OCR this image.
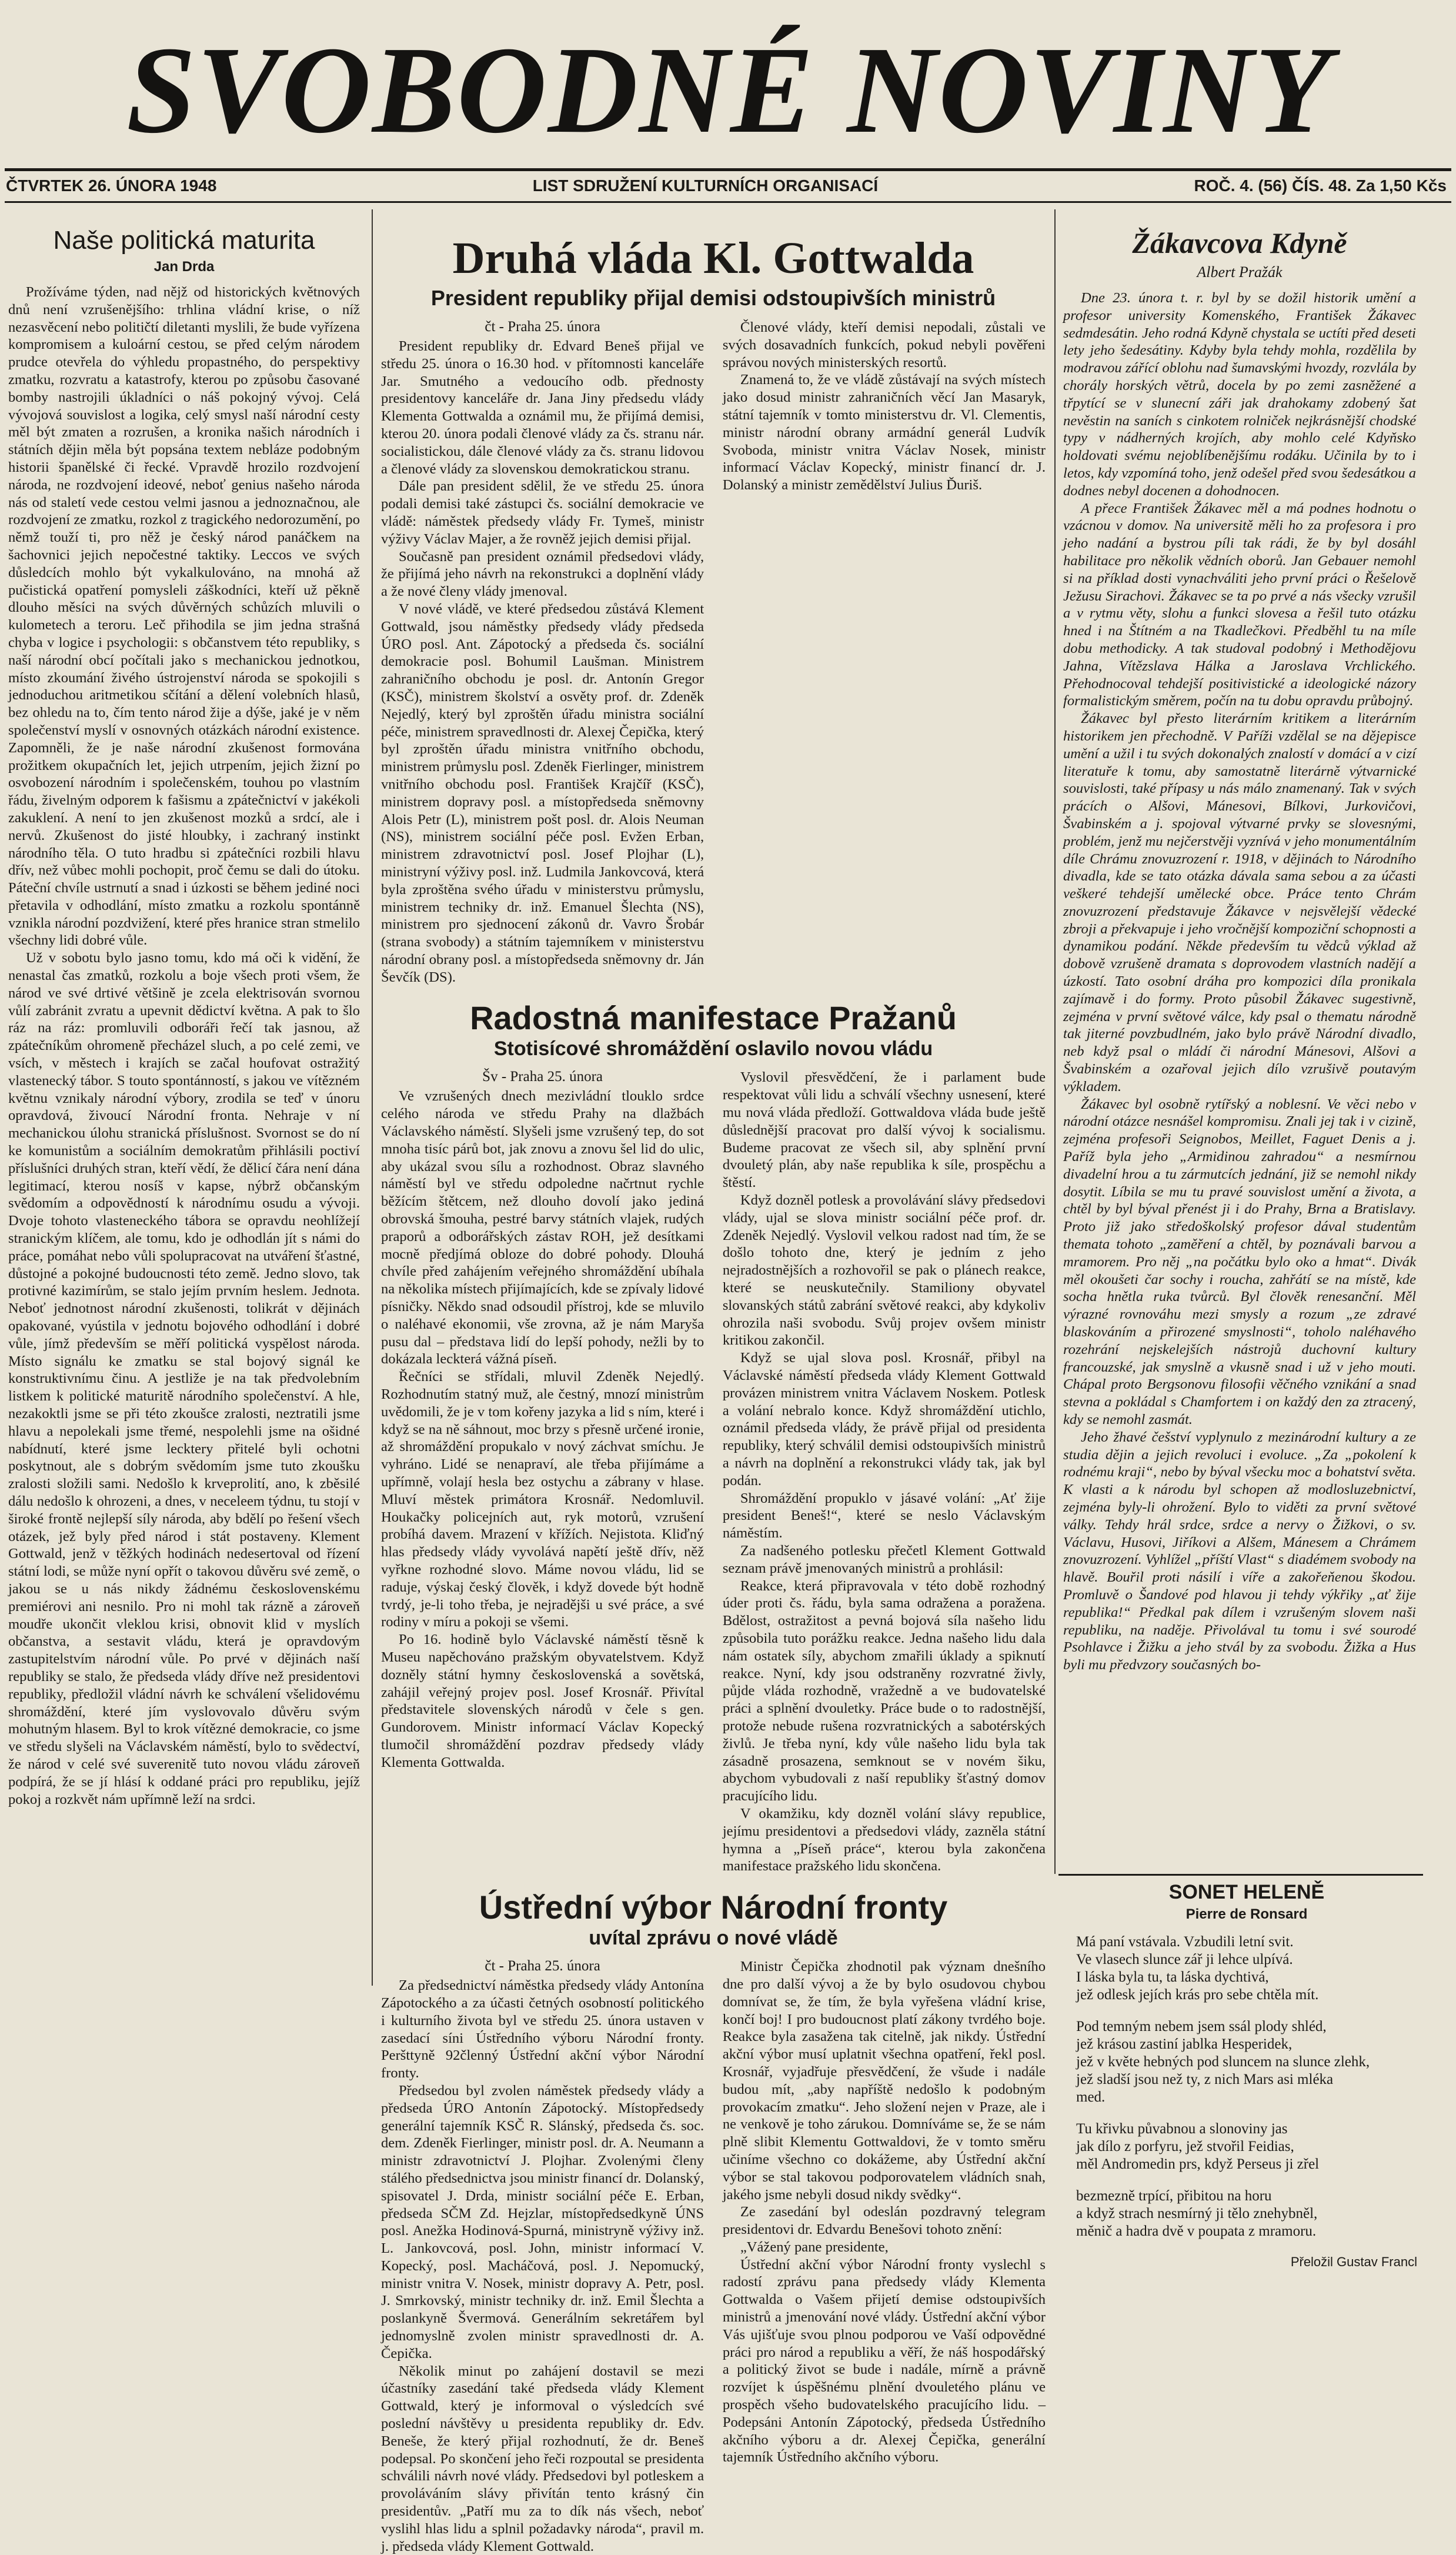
SVOBODNÉ NOVINY
ČTVRTEK 26. ÚNORA 1948	LIST SDRUŽENÍ KULTURNÍCH ORGANISACÍ	ROČ. 4. (56) ČÍS. 48. Za 1,50 Kčs
Naše politická maturita
Jan Drda

Prožíváme týden, nad nějž od historických květnových dnů není vzrušenějšího: trhlina vládní krise, o níž nezasvěcení nebo političtí diletanti myslili, že bude vyřízena kompromisem a kuloární cestou, se před celým národem prudce otevřela do výhledu propastného, do perspektivy zmatku, rozvratu a katastrofy, kterou po způsobu časované bomby nastrojili úkladníci o náš pokojný vývoj. Celá vývojová souvislost a logika, celý smysl naší národní cesty měl být zmaten a rozrušen, a kronika našich národních i státních dějin měla být popsána textem nebláze podobným historii španělské či řecké. Vpravdě hrozilo rozdvojení národa, ne rozdvojení ideové, neboť genius našeho národa nás od staletí vede cestou velmi jasnou a jednoznačnou, ale rozdvojení ze zmatku, rozkol z tragického nedorozumění, po němž touží ti, pro něž je český národ panáčkem na šachovnici jejich nepočestné taktiky. Leccos ve svých důsledcích mohlo být vykalkulováno, na mnohá až pučistická opatření pomysleli záškodníci, kteří už pěkně dlouho měsíci na svých důvěrných schůzích mluvili o kulometech a teroru. Leč přihodila se jim jedna strašná chyba v logice i psychologii: s občanstvem této republiky, s naší národní obcí počítali jako s mechanickou jednotkou, místo zkoumání živého ústrojenství národa se spokojili s jednoduchou aritmetikou sčítání a dělení volebních hlasů, bez ohledu na to, čím tento národ žije a dýše, jaké je v něm společenství myslí v osnovných otázkách národní existence. Zapomněli, že je naše národní zkušenost formována prožitkem okupačních let, jejich utrpením, jejich žizní po osvobození národním i společenském, touhou po vlastním řádu, živelným odporem k fašismu a zpátečnictví v jakékoli zakuklení. A není to jen zkušenost mozků a srdcí, ale i nervů. Zkušenost do jisté hloubky, i zachraný instinkt národního těla. O tuto hradbu si zpátečníci rozbili hlavu dřív, než vůbec mohli pochopit, proč čemu se dali do útoku. Páteční chvíle ustrnutí a snad i úzkosti se během jediné noci přetavila v odhodlání, místo zmatku a rozkolu spontánně vznikla národní pozdvižení, které přes hranice stran stmelilo všechny lidi dobré vůle.

Už v sobotu bylo jasno tomu, kdo má oči k vidění, že nenastal čas zmatků, rozkolu a boje všech proti všem, že národ ve své drtivé většině je zcela elektrisován svornou vůlí zabránit zvratu a upevnit dědictví května. A pak to šlo ráz na ráz: promluvili odboráři řečí tak jasnou, až zpátečníkům ohromeně přecházel sluch, a po celé zemi, ve vsích, v městech i krajích se začal houfovat ostražitý vlastenecký tábor. S touto spontánností, s jakou ve vítězném květnu vznikaly národní výbory, zrodila se teď v únoru opravdová, živoucí Národní fronta. Nehraje v ní mechanickou úlohu stranická příslušnost. Svornost se do ní ke komunistům a sociálním demokratům přihlásili poctiví příslušníci druhých stran, kteří vědí, že dělicí čára není dána legitimací, kterou nosíš v kapse, nýbrž občanským svědomím a odpovědností k národnímu osudu a vývoji. Dvoje tohoto vlasteneckého tábora se opravdu neohlížejí stranickým klíčem, ale tomu, kdo je odhodlán jít s námi do práce, pomáhat nebo vůli spolupracovat na utváření šťastné, důstojné a pokojné budoucnosti této země. Jedno slovo, tak protivné kazimírům, se stalo jejím prvním heslem. Jednota. Neboť jednotnost národní zkušenosti, tolikrát v dějinách opakované, vyústila v jednotu bojového odhodlání i dobré vůle, jímž především se měří politická vyspělost národa. Místo signálu ke zmatku se stal bojový signál ke konstruktivnímu činu. A jestliže je na tak předvolebním listkem k politické maturitě národního společenství. A hle, nezakoktli jsme se při této zkoušce zralosti, neztratili jsme hlavu a nepolekali jsme třemé, nespolehli jsme na ošidné nabídnutí, které jsme lecktery přitelé byli ochotni poskytnout, ale s dobrým svědomím jsme tuto zkoušku zralosti složili sami. Nedošlo k krveprolití, ano, k zběsilé dálu nedošlo k ohrozeni, a dnes, v neceleem týdnu, tu stojí v široké frontě nejlepší síly národa, aby bdělí po řešení všech otázek, jež byly před národ i stát postaveny. Klement Gottwald, jenž v těžkých hodinách nedesertoval od řízení státní lodi, se může nyní opřít o takovou důvěru své země, o jakou se u nás nikdy žádnému československému premiérovi ani nesnilo. Pro ni mohl tak rázně a zároveň moudře ukončit vleklou krisi, obnovit klid v myslích občanstva, a sestavit vládu, která je opravdovým zastupitelstvím národní vůle. Po prvé v dějinách naší republiky se stalo, že předseda vlády dříve než presidentovi republiky, předložil vládní návrh ke schválení všelidovému shromáždění, které jím vyslovovalo důvěru svým mohutným hlasem. Byl to krok vítězné demokracie, co jsme ve středu slyšeli na Václavském náměstí, bylo to svědectví, že národ v celé své suverenitě tuto novou vládu zároveň podpírá, že se jí hlásí k oddané práci pro republiku, jejíž pokoj a rozkvět nám upřímně leží na srdci.

Druhá vláda Kl. Gottwalda
President republiky přijal demisi odstoupivších ministrů
čt - Praha 25. února

President republiky dr. Edvard Beneš přijal ve středu 25. února o 16.30 hod. v přítomnosti kanceláře Jar. Smutného a vedoucího odb. přednosty presidentovy kanceláře dr. Jana Jiny předsedu vlády Klementa Gottwalda a oznámil mu, že přijímá demisi, kterou 20. února podali členové vlády za čs. stranu nár. socialistickou, dále členové vlády za čs. stranu lidovou a členové vlády za slovenskou demokratickou stranu.

Dále pan president sdělil, že ve středu 25. února podali demisi také zástupci čs. sociální demokracie ve vládě: náměstek předsedy vlády Fr. Tymeš, ministr výživy Václav Majer, a že rovněž jejich demisi přijal.

Současně pan president oznámil předsedovi vlády, že přijímá jeho návrh na rekonstrukci a doplnění vlády a že nové členy vlády jmenoval.

V nové vládě, ve které předsedou zůstává Klement Gottwald, jsou náměstky předsedy vlády předseda ÚRO posl. Ant. Zápotocký a předseda čs. sociální demokracie posl. Bohumil Laušman. Ministrem zahraničního obchodu je posl. dr. Antonín Gregor (KSČ), ministrem školství a osvěty prof. dr. Zdeněk Nejedlý, který byl zproštěn úřadu ministra sociální péče, ministrem spravedlnosti dr. Alexej Čepička, který byl zproštěn úřadu ministra vnitřního obchodu, ministrem průmyslu posl. Zdeněk Fierlinger, ministrem vnitřního obchodu posl. František Krajčíř (KSČ), ministrem dopravy posl. a místopředseda sněmovny Alois Petr (L), ministrem pošt posl. dr. Alois Neuman (NS), ministrem sociální péče posl. Evžen Erban, ministrem zdravotnictví posl. Josef Plojhar (L), ministryní výživy posl. inž. Ludmila Jankovcová, která byla zproštěna svého úřadu v ministerstvu průmyslu, ministrem techniky dr. inž. Emanuel Šlechta (NS), ministrem pro sjednocení zákonů dr. Vavro Šrobár (strana svobody) a státním tajemníkem v ministerstvu národní obrany posl. a místopředseda sněmovny dr. Ján Ševčík (DS).

Členové vlády, kteří demisi nepodali, zůstali ve svých dosavadních funkcích, pokud nebyli pověřeni správou nových ministerských resortů.

Znamená to, že ve vládě zůstávají na svých místech jako dosud ministr zahraničních věcí Jan Masaryk, státní tajemník v tomto ministerstvu dr. Vl. Clementis, ministr národní obrany armádní generál Ludvík Svoboda, ministr vnitra Václav Nosek, ministr informací Václav Kopecký, ministr financí dr. J. Dolanský a ministr zemědělství Julius Ďuriš.

Radostná manifestace Pražanů
Stotisícové shromáždění oslavilo novou vládu
Šv - Praha 25. února

Ve vzrušených dnech mezivládní tlouklo srdce celého národa ve středu Prahy na dlažbách Václavského náměstí. Slyšeli jsme vzrušený tep, do sot mnoha tisíc párů bot, jak znovu a znovu šel lid do ulic, aby ukázal svou sílu a rozhodnost. Obraz slavného náměstí byl ve středu odpoledne načrtnut rychle běžícím štětcem, než dlouho dovolí jako jediná obrovská šmouha, pestré barvy státních vlajek, rudých praporů a odborářských zástav ROH, jež desítkami mocně předjímá obloze do dobré pohody. Dlouhá chvíle před zahájením veřejného shromáždění ubíhala na několika místech přijímajících, kde se zpívaly lidové písničky. Někdo snad odsoudil přístroj, kde se mluvilo o naléhavé ekonomii, vše zrovna, až je nám Maryša pusu dal – představa lidí do lepší pohody, nežli by to dokázala leckterá vážná píseň.

Řečníci se střídali, mluvil Zdeněk Nejedlý. Rozhodnutím statný muž, ale čestný, mnozí ministrům uvědomili, že je v tom kořeny jazyka a lid s ním, které i když se na ně sáhnout, moc brzy s přesně určené ironie, až shromáždění propukalo v nový záchvat smíchu. Je vyhráno. Lidé se nenapraví, ale třeba přijímáme a upřímně, volají hesla bez ostychu a zábrany v hlase. Mluví městek primátora Krosnář. Nedomluvil. Houkačky policejních aut, ryk motorů, vzrušení probíhá davem. Mrazení v křížích. Nejistota. Kliďný hlas předsedy vlády vyvolává napětí ještě dřív, něž vyřkne rozhodné slovo. Máme novou vládu, lid se raduje, výskaj český člověk, i když dovede být hodně tvrdý, je-li toho třeba, je nejradějši u své práce, a své rodiny v míru a pokoji se všemi.

Po 16. hodině bylo Václavské náměstí těsně k Museu napěchováno pražským obyvatelstvem. Když dozněly státní hymny československá a sovětská, zahájil veřejný projev posl. Josef Krosnář. Přivítal představitele slovenských národů v čele s gen. Gundorovem. Ministr informací Václav Kopecký tlumočil shromáždění pozdrav předsedy vlády Klementa Gottwalda.

Vyslovil přesvědčení, že i parlament bude respektovat vůli lidu a schválí všechny usnesení, které mu nová vláda předloží. Gottwaldova vláda bude ještě důslednější pracovat pro další vývoj k socialismu. Budeme pracovat ze všech sil, aby splnění první dvouletý plán, aby naše republika k síle, prospěchu a štěstí.

Když dozněl potlesk a provolávání slávy předsedovi vlády, ujal se slova ministr sociální péče prof. dr. Zdeněk Nejedlý. Vyslovil velkou radost nad tím, že se došlo tohoto dne, který je jedním z jeho nejradostnějších a rozhovořil se pak o plánech reakce, které se neuskutečnily. Stamiliony obyvatel slovanských států zabrání světové reakci, aby kdykoliv ohrozila naši svobodu. Svůj projev ovšem ministr kritikou zakončil.

Když se ujal slova posl. Krosnář, přibyl na Václavské náměstí předseda vlády Klement Gottwald provázen ministrem vnitra Václavem Noskem. Potlesk a volání nebralo konce. Když shromáždění utichlo, oznámil předseda vlády, že právě přijal od presidenta republiky, který schválil demisi odstoupivších ministrů a návrh na doplnění a rekonstrukci vlády tak, jak byl podán.

Shromáždění propuklo v jásavé volání: „Ať žije president Beneš!“, které se neslo Václavským náměstím.

Za nadšeného potlesku přečetl Klement Gottwald seznam právě jmenovaných ministrů a prohlásil:

Reakce, která připravovala v této době rozhodný úder proti čs. řádu, byla sama odražena a poražena. Bdělost, ostražitost a pevná bojová síla našeho lidu způsobila tuto porážku reakce. Jedna našeho lidu dala nám ostatek síly, abychom zmařili úklady a spiknutí reakce. Nyní, kdy jsou odstraněny rozvratné živly, půjde vláda rozhodně, vražedně a ve budovatelské práci a splnění dvouletky. Práce bude o to radostnější, protože nebude rušena rozvratnických a sabotérských živlů. Je třeba nyní, kdy vůle našeho lidu byla tak zásadně prosazena, semknout se v novém šiku, abychom vybudovali z naší republiky šťastný domov pracujícího lidu.

V okamžiku, kdy dozněl volání slávy republice, jejímu presidentovi a předsedovi vlády, zazněla státní hymna a „Píseň práce“, kterou byla zakončena manifestace pražského lidu skončena.

Ústřední výbor Národní fronty
uvítal zprávu o nové vládě
čt - Praha 25. února

Za předsednictví náměstka předsedy vlády Antonína Zápotockého a za účasti četných osobností politického i kulturního života byl ve středu 25. února ustaven v zasedací síni Ústředního výboru Národní fronty. Peršttyně 92členný Ústřední akční výbor Národní fronty.

Předsedou byl zvolen náměstek předsedy vlády a předseda ÚRO Antonín Zápotocký. Místopředsedy generální tajemník KSČ R. Slánský, předseda čs. soc. dem. Zdeněk Fierlinger, ministr posl. dr. A. Neumann a ministr zdravotnictví J. Plojhar. Zvolenými členy stálého předsednictva jsou ministr financí dr. Dolanský, spisovatel J. Drda, ministr sociální péče E. Erban, předseda SČM Zd. Hejzlar, místopředsedkyně ÚNS posl. Anežka Hodinová-Spurná, ministryně výživy inž. L. Jankovcová, posl. John, ministr informací V. Kopecký, posl. Macháčová, posl. J. Nepomucký, ministr vnitra V. Nosek, ministr dopravy A. Petr, posl. J. Smrkovský, ministr techniky dr. inž. Emil Šlechta a poslankyně Švermová. Generálním sekretářem byl jednomyslně zvolen ministr spravedlnosti dr. A. Čepička.

Několik minut po zahájení dostavil se mezi účastníky zasedání také předseda vlády Klement Gottwald, který je informoval o výsledcích své poslední návštěvy u presidenta republiky dr. Edv. Beneše, že který přijal rozhodnutí, že dr. Beneš podepsal. Po skončení jeho řeči rozpoutal se presidenta schválili návrh nové vlády. Předsedovi byl potleskem a provoláváním slávy přivítán tento krásný čin presidentův. „Patří mu za to dík nás všech, neboť vyslihl hlas lidu a splnil požadavky národa“, pravil m. j. předseda vlády Klement Gottwald.

Ministr Čepička zhodnotil pak význam dnešního dne pro další vývoj a že by bylo osudovou chybou domnívat se, že tím, že byla vyřešena vládní krise, končí boj! I pro budoucnost platí zákony tvrdého boje. Reakce byla zasažena tak citelně, jak nikdy. Ústřední akční výbor musí uplatnit všechna opatření, řekl posl. Krosnář, vyjadřuje přesvědčení, že všude i nadále budou mít, „aby napříště nedošlo k podobným provokacím zmatku“. Jeho složení nejen v Praze, ale i ne venkově je toho zárukou. Domníváme se, že se nám plně slibit Klementu Gottwaldovi, že v tomto směru učiníme všechno co dokážeme, aby Ústřední akční výbor se stal takovou podporovatelem vládních snah, jakého jsme nebyli dosud nikdy svědky“.

Ze zasedání byl odeslán pozdravný telegram presidentovi dr. Edvardu Benešovi tohoto znění:

„Vážený pane presidente,

Ústřední akční výbor Národní fronty vyslechl s radostí zprávu pana předsedy vlády Klementa Gottwalda o Vašem přijetí demise odstoupivších ministrů a jmenování nové vlády. Ústřední akční výbor Vás ujišťuje svou plnou podporou ve Vaší odpovědné práci pro národ a republiku a věří, že náš hospodářský a politický život se bude i nadále, mírně a právně rozvíjet k úspěšnému plnění dvouletého plánu ve prospěch všeho budovatelského pracujícího lidu. – Podepsáni Antonín Zápotocký, předseda Ústředního akčního výboru a dr. Alexej Čepička, generální tajemník Ústředního akčního výboru.

Žákavcova Kdyně
Albert Pražák

Dne 23. února t. r. byl by se dožil historik umění a profesor university Komenského, František Žákavec sedmdesátin. Jeho rodná Kdyně chystala se uctíti před deseti lety jeho šedesátiny. Kdyby byla tehdy mohla, rozdělila by modravou zářící oblohu nad šumavskými hvozdy, rozvlála by chorály horských větrů, docela by po zemi zasněžené a třpytící se v slunecní záři jak drahokamy zdobený šat nevěstin na saních s cinkotem rolniček nejkrásnější chodské typy v nádherných krojích, aby mohlo celé Kdyňsko holdovati svému nejoblíbenějšímu rodáku. Učinila by to i letos, kdy vzpomíná toho, jenž odešel před svou šedesátkou a dodnes nebyl docenen a dohodnocen.

A přece František Žákavec měl a má podnes hodnotu o vzácnou v domov. Na universitě měli ho za profesora i pro jeho nadání a bystrou píli tak rádi, že by byl dosáhl habilitace pro několik vědních oborů. Jan Gebauer nemohl si na příklad dosti vynachváliti jeho první práci o Řešelově Ježusu Sirachovi. Žákavec se ta po prvé a nás všecky vzrušil a v rytmu věty, slohu a funkci slovesa a řešil tuto otázku hned i na Štítném a na Tkadlečkovi. Předběhl tu na míle dobu methodicky. A tak studoval podobný i Methodějovu Jahna, Vítězslava Hálka a Jaroslava Vrchlického. Přehodnocoval tehdejší positivistické a ideologické názory formalistickým směrem, počín na tu dobu opravdu průbojný.

Žákavec byl přesto literárním kritikem a literárním historikem jen přechodně. V Paříži vzdělal se na dějepisce umění a užil i tu svých dokonalých znalostí v domácí a v cizí literatuře k tomu, aby samostatně literárně výtvarnické souvislosti, také přípasy u nás málo znamenaný. Tak v svých prácích o Alšovi, Mánesovi, Bílkovi, Jurkovičovi, Švabinském a j. spojoval výtvarné prvky se slovesnými, problém, jenž mu nejčerstvěji vyznívá v jeho monumentálním díle Chrámu znovuzrození r. 1918, v dějinách to Národního divadla, kde se tato otázka dávala sama sebou a za účasti veškeré tehdejší umělecké obce. Práce tento Chrám znovuzrození představuje Žákavce v nejsvělejší vědecké zbroji a překvapuje i jeho vročnější kompoziční schopnosti a dynamikou podání. Někde především tu vědců výklad až dobově vzrušeně dramata s doprovodem vlastních nadějí a úzkostí. Tato osobní dráha pro kompozici díla pronikala zajímavě i do formy. Proto působil Žákavec sugestivně, zejména v první světové válce, kdy psal o thematu národně tak jiterné povzbudlném, jako bylo právě Národní divadlo, neb když psal o mládí či národní Mánesovi, Alšovi a Švabinském a ozařoval jejich dílo vzrušivě poutavým výkladem.

Žákavec byl osobně rytířský a noblesní. Ve věci nebo v národní otázce nesnášel kompromisu. Znali jej tak i v cizině, zejména profesoři Seignobos, Meillet, Faguet Denis a j. Paříž byla jeho „Armidinou zahradou“ a nesmírnou divadelní hrou a tu zármutcích jednání, již se nemohl nikdy dosytit. Líbila se mu tu pravé souvislost umění a života, a chtěl by byl býval přenést ji i do Prahy, Brna a Bratislavy. Proto již jako středoškolský profesor dával studentům themata tohoto „zaměření a chtěl, by poznávali barvou a mramorem. Pro něj „na počátku bylo oko a hmat“. Divák měl okoušeti čar sochy i roucha, zahřátí se na místě, kde socha hnětla ruka tvůrců. Byl člověk renesanční. Měl výrazné rovnováhu mezi smysly a rozum „ze zdravé blaskováním a přirozené smyslnosti“, toholo naléhavého rozehrání nejskelejších nástrojů duchovní kultury francouzské, jak smyslně a vkusně snad i už v jeho mouti. Chápal proto Bergsonovu filosofii věčného vznikání a snad stevna a pokládal s Chamfortem i on každý den za ztracený, kdy se nemohl zasmát.

Jeho žhavé češství vyplynulo z mezinárodní kultury a ze studia dějin a jejich revoluci i evoluce. „Za „pokolení k rodnému kraji“, nebo by býval všecku moc a bohatství světa. K vlasti a k národu byl schopen až modlosluzebnictví, zejména byly-li ohrožení. Bylo to viděti za první světové války. Tehdy hrál srdce, srdce a nervy o Žižkovi, o sv. Václavu, Husovi, Jiříkovi a Alšem, Mánesem a Chrámem znovuzrození. Vyhlížel „příští Vlast“ s diadémem svobody na hlavě. Bouřil proti násilí i víře a zakořeňenou škodou. Promluvě o Šandové pod hlavou ji tehdy výkřiky „ať žije republika!“ Předkal pak dílem i vzrušeným slovem naši republiku, na naděje. Přivolával tu tomu i své sourodé Psohlavce i Žižku a jeho stvál by za svobodu. Žižka a Hus byli mu předvzory současných bo-

SONET HELENĚ
Pierre de Ronsard
Má paní vstávala. Vzbudili letní svit.
Ve vlasech slunce zář ji lehce ulpívá.
I láska byla tu, ta láska dychtivá,
jež odlesk jejích krás pro sebe chtěla mít.
Pod temným nebem jsem ssál plody shléd,
jež krásou zastiní jablka Hesperidek,
jež v květe hebných pod sluncem na slunce zlehk,
jež sladší jsou než ty, z nich Mars asi mléka
med.
Tu křivku půvabnou a slonoviny jas
jak dílo z porfyru, jež stvořil Feidias,
měl Andromedin prs, když Perseus ji zřel
bezmezně trpící, přibitou na horu
a když strach nesmírný ji tělo znehybněl,
měnič a hadra dvě v poupata z mramoru.
Přeložil Gustav Francl
